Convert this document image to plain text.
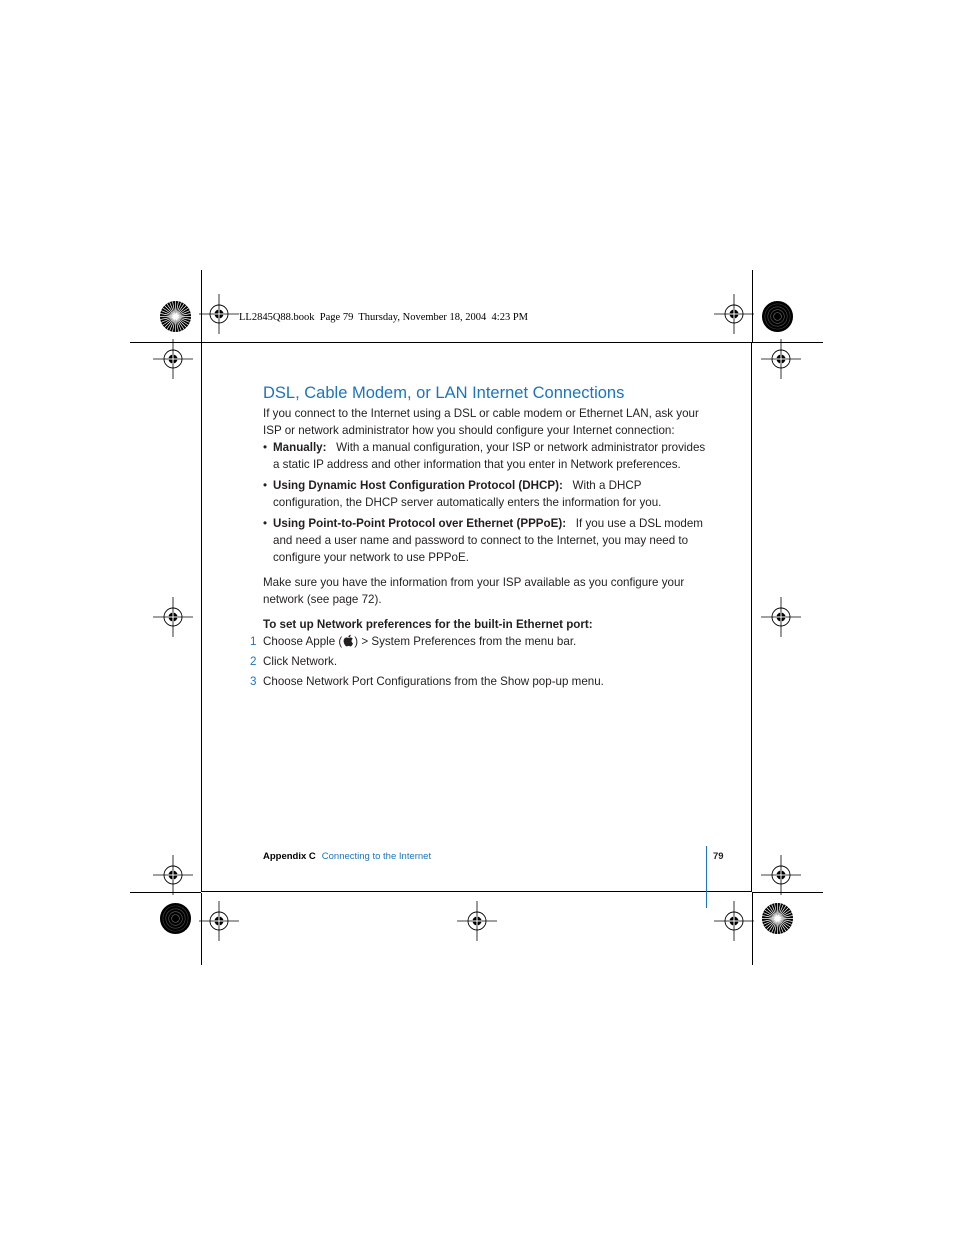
LL2845Q88.book  Page 79  Thursday, November 18, 2004  4:23 PM
DSL, Cable Modem, or LAN Internet Connections

If you connect to the Internet using a DSL or cable modem or Ethernet LAN, ask your ISP or network administrator how you should configure your Internet connection:

• Manually: With a manual configuration, your ISP or network administrator provides a static IP address and other information that you enter in Network preferences.
• Using Dynamic Host Configuration Protocol (DHCP): With a DHCP configuration, the DHCP server automatically enters the information for you.
• Using Point-to-Point Protocol over Ethernet (PPPoE): If you use a DSL modem and need a user name and password to connect to the Internet, you may need to configure your network to use PPPoE.

Make sure you have the information from your ISP available as you configure your network (see page 72).

To set up Network preferences for the built-in Ethernet port:

1 Choose Apple ( ) > System Preferences from the menu bar.
2 Click Network.
3 Choose Network Port Configurations from the Show pop-up menu.
Appendix C Connecting to the Internet	79
